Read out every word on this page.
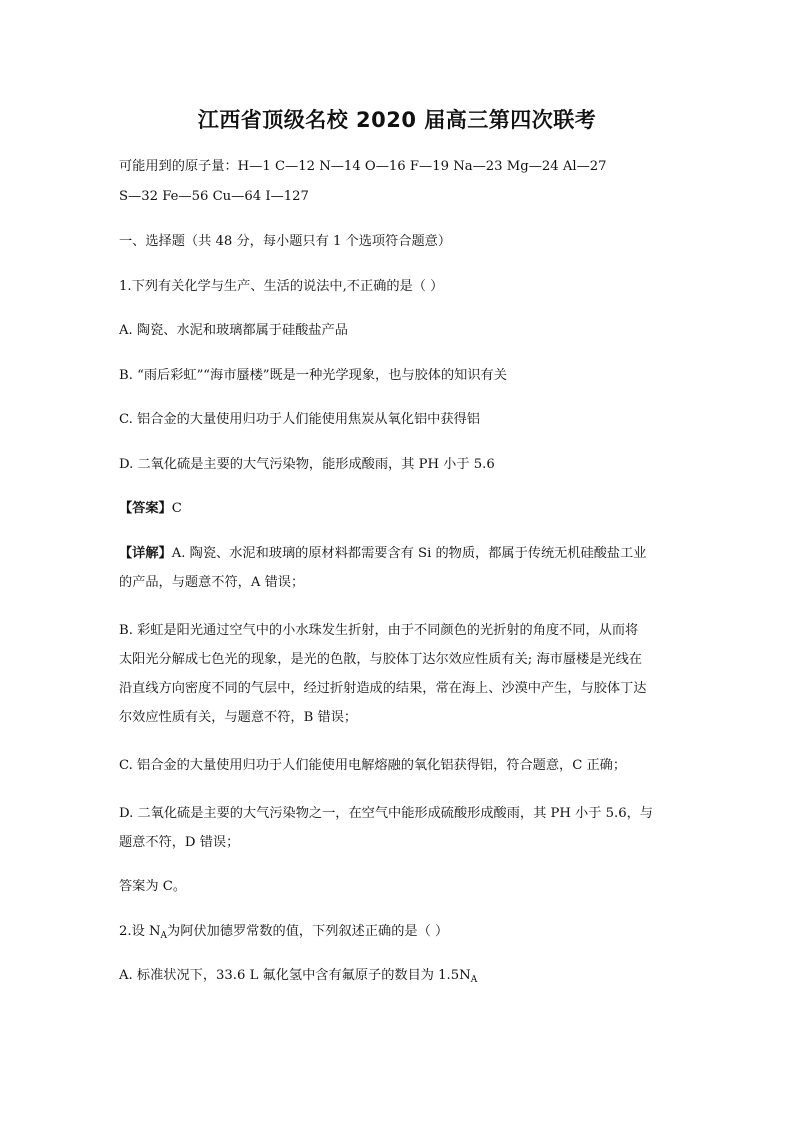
江西省顶级名校 2020 届高三第四次联考
可能用到的原子量：H—1 C—12 N—14 O—16 F—19 Na—23 Mg—24 Al—27
S—32 Fe—56 Cu—64 I—127
一、选择题（共 48 分，每小题只有 1 个选项符合题意）
1.下列有关化学与生产、生活的说法中,不正确的是（ ）
A. 陶瓷、水泥和玻璃都属于硅酸盐产品
B. “雨后彩虹”“海市蜃楼”既是一种光学现象，也与胶体的知识有关
C. 铝合金的大量使用归功于人们能使用焦炭从氧化铝中获得铝
D. 二氧化硫是主要的大气污染物，能形成酸雨，其 PH 小于 5.6
【答案】C
【详解】A. 陶瓷、水泥和玻璃的原材料都需要含有 Si 的物质，都属于传统无机硅酸盐工业
的产品，与题意不符，A 错误；
B. 彩虹是阳光通过空气中的小水珠发生折射，由于不同颜色的光折射的角度不同，从而将
太阳光分解成七色光的现象，是光的色散，与胶体丁达尔效应性质有关; 海市蜃楼是光线在
沿直线方向密度不同的气层中，经过折射造成的结果，常在海上、沙漠中产生，与胶体丁达
尔效应性质有关，与题意不符，B 错误；
C. 铝合金的大量使用归功于人们能使用电解熔融的氧化铝获得铝，符合题意，C 正确；
D. 二氧化硫是主要的大气污染物之一，在空气中能形成硫酸形成酸雨，其 PH 小于 5.6，与
题意不符，D 错误；
答案为 C。
2.设 $N_A$为阿伏加德罗常数的值，下列叙述正确的是（ ）
A. 标准状况下，33.6 L 氟化氢中含有氟原子的数目为 $1.5N_A$
